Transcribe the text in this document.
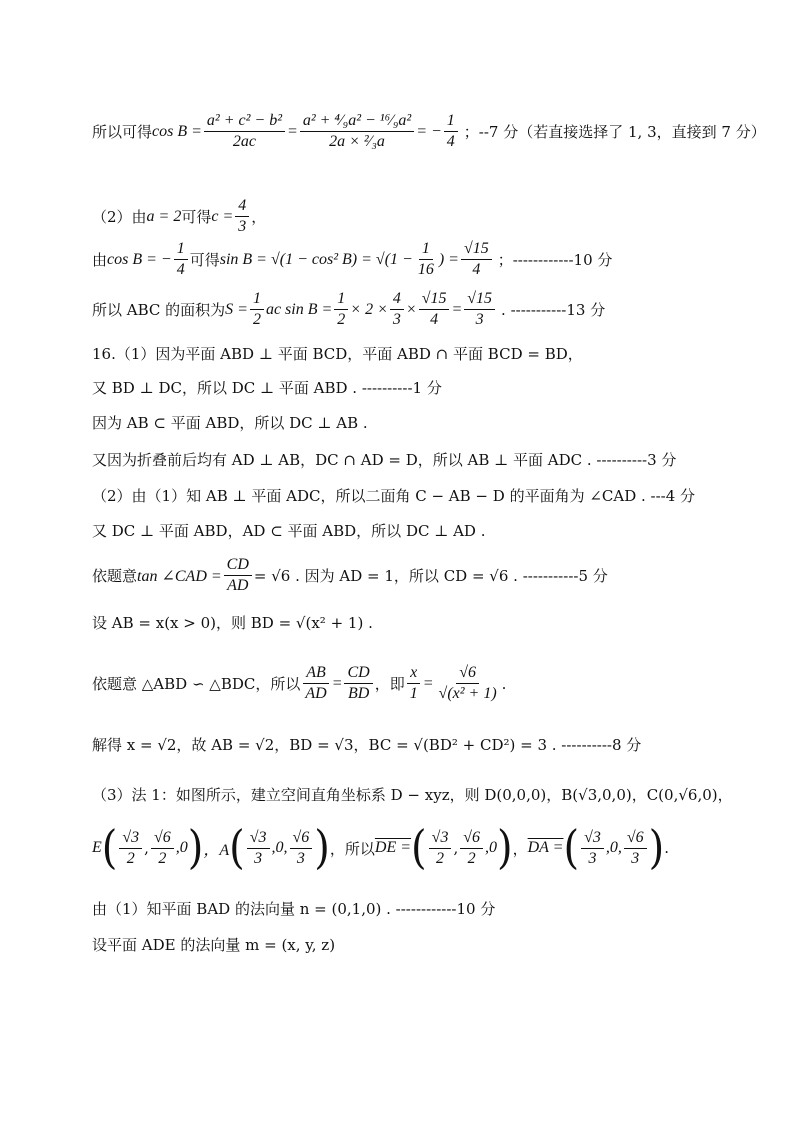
所以可得 $\cos B = \frac{\text{a² + c² − b²}}{2ac} = \frac{\text{a² + ⁴⁄₉a² − ¹⁶⁄₉a²}}{\text{2a × ²⁄₃a}}$ = − $\frac{1}{4}$ ；--7 分（若直接选择了 1, 3，直接到 7 分）
（2）由 a = 2 可得 $c = \frac{4}{3}$ ，
由 cos B = − $\frac{1}{4}$ 可得 sin B = √(1 − cos² $B) = √(1 - \frac{1}{16}$ ) = $\frac{√15}{4}$ ；------------10 分
所以 ABC 的面积为 $S = \frac{1}{2}$ ac $\sin B = \frac{1}{2} \times 2 \times \frac{4}{3} \times \frac{√15}{4} = \frac{√15}{3}$ . -----------13 分
16.（1）因为平面 ABD ⊥ 平面 BCD，平面 ABD ∩ 平面 BCD = BD，
又 BD ⊥ DC，所以 DC ⊥ 平面 ABD . ----------1 分
因为 AB ⊂ 平面 ABD，所以 DC ⊥ AB .
又因为折叠前后均有 AD ⊥ AB，DC ∩ AD = D，所以 AB ⊥ 平面 ADC . ----------3 分
（2）由（1）知 AB ⊥ 平面 ADC，所以二面角 C − AB − D 的平面角为 ∠CAD . ---4 分
又 DC ⊥ 平面 ABD，AD ⊂ 平面 ABD，所以 DC ⊥ AD .
依题意 tan ∠CAD = $\frac{CD}{AD} = √6$ . 因为 AD = 1，所以 CD = √6 . -----------5 分
设 AB = x(x > 0)，则 BD = √(x² + 1) .
依题意 △ABD ∽ △BDC，所以 $\frac{AB}{AD} = \frac{CD}{BD}$ ，即 $\frac{x}{1} = \frac{√6}{\text{√(x² + 1)}}$ .
解得 x = √2，故 AB = √2，BD = √3，BC = √(BD² + CD²) = 3 . ----------8 分
（3）法 1：如图所示，建立空间直角坐标系 D − xyz，则 D(0,0,0)，B(√3,0,0)，C(0,√6,0)，
E ( $\frac{√3}{2}$ , $\frac{√6}{2} ,0$ ) ，A ( $\frac{√3}{3} ,0$, $\frac{√6}{3}$ ) ，所以 DE = ( $\frac{√3}{2}$ , $\frac{√6}{2} ,0$ ) ， DA = ( $\frac{√3}{3} ,0$, $\frac{√6}{3}$ ) .
由（1）知平面 BAD 的法向量 n = (0,1,0) . ------------10 分
设平面 ADE 的法向量 m = (x, y, z)
